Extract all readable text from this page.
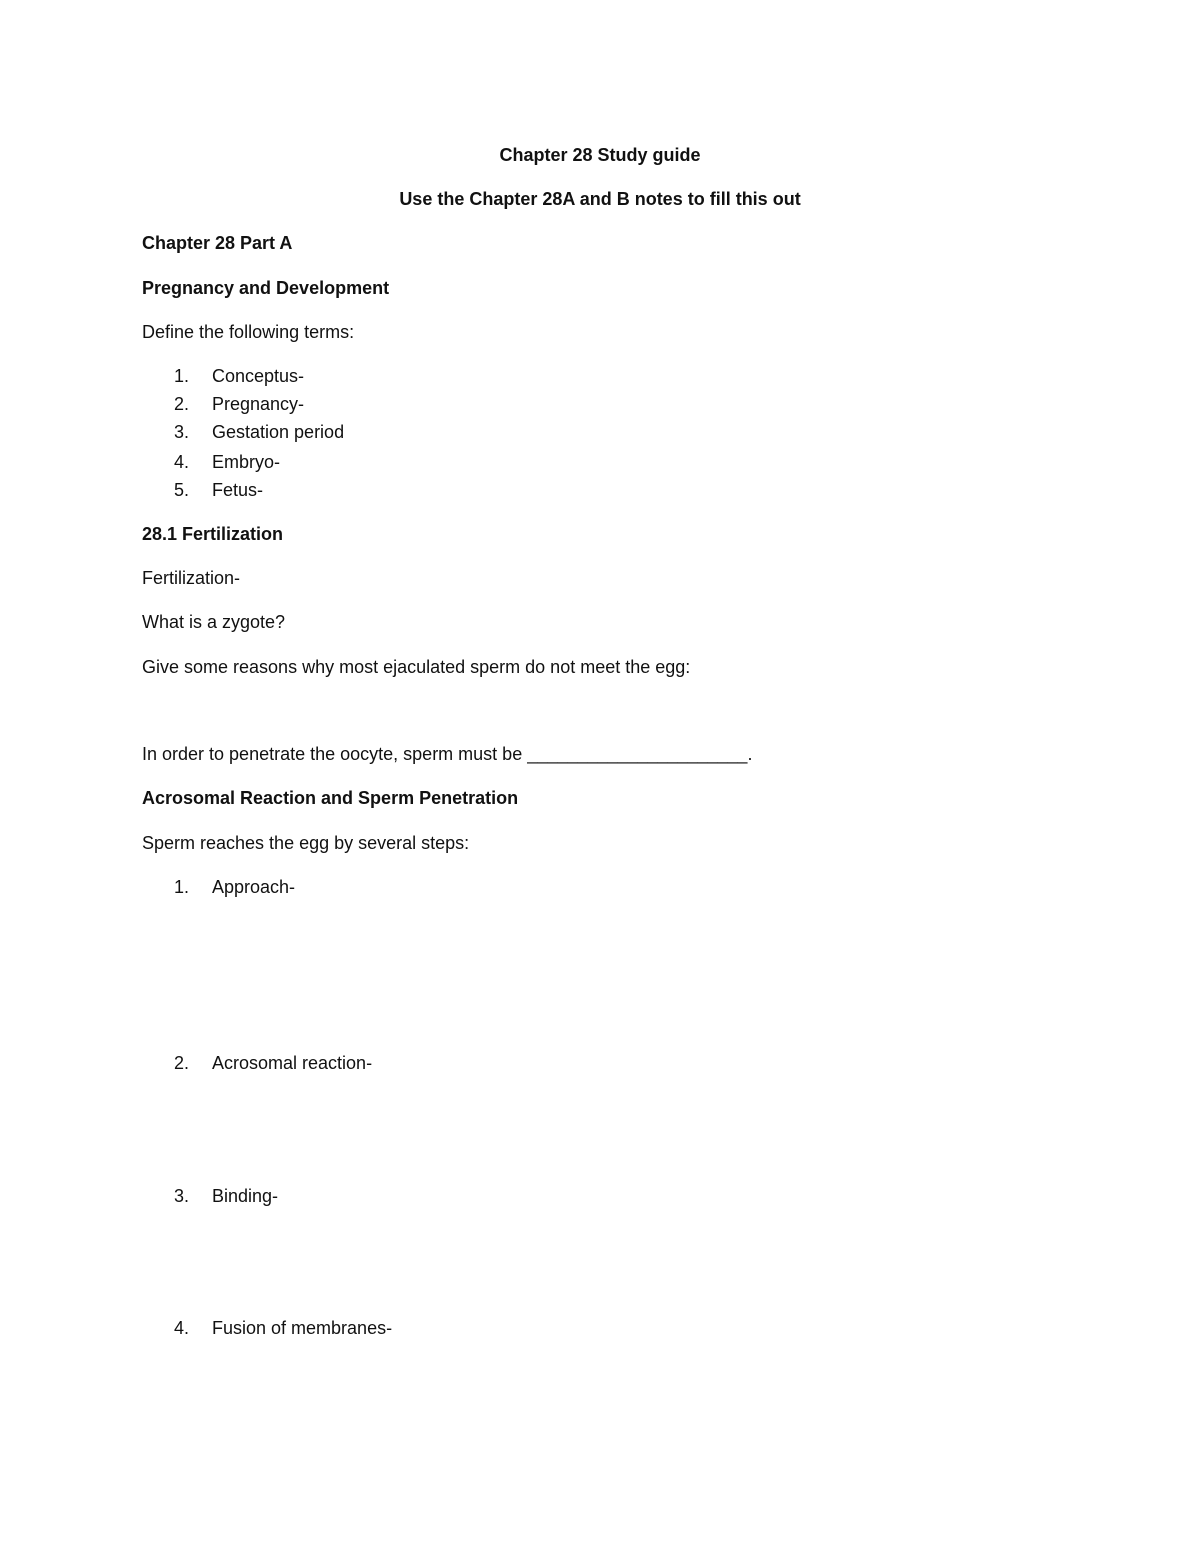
Chapter 28 Study guide
Use the Chapter 28A and B notes to fill this out
Chapter 28 Part A
Pregnancy and Development
Define the following terms:
1. Conceptus-
2. Pregnancy-
3. Gestation period
4. Embryo-
5. Fetus-
28.1 Fertilization
Fertilization-
What is a zygote?
Give some reasons why most ejaculated sperm do not meet the egg:
In order to penetrate the oocyte, sperm must be ______________________.
Acrosomal Reaction and Sperm Penetration
Sperm reaches the egg by several steps:
1. Approach-
2. Acrosomal reaction-
3. Binding-
4. Fusion of membranes-
